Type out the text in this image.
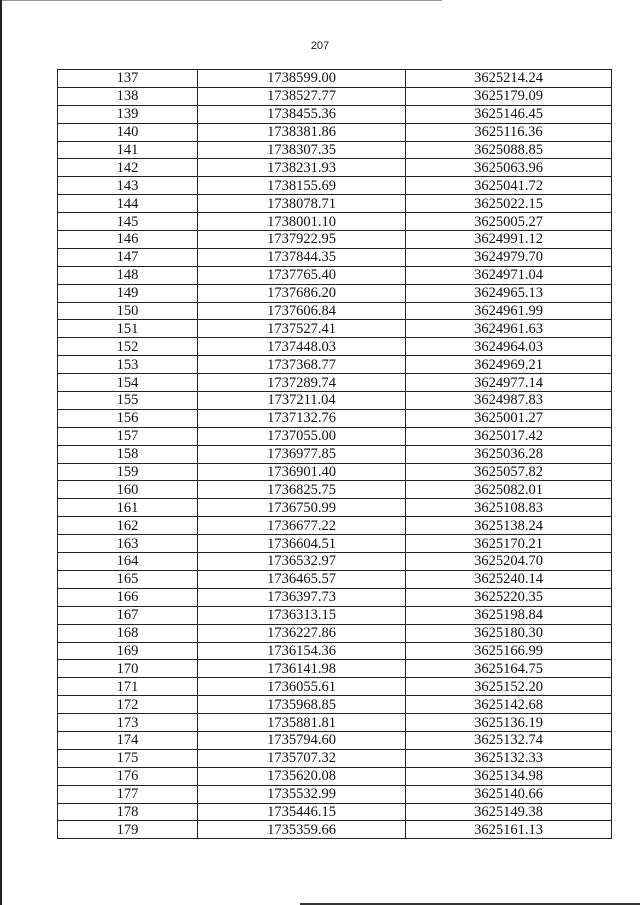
207
137	1738599.00	3625214.24
138	1738527.77	3625179.09
139	1738455.36	3625146.45
140	1738381.86	3625116.36
141	1738307.35	3625088.85
142	1738231.93	3625063.96
143	1738155.69	3625041.72
144	1738078.71	3625022.15
145	1738001.10	3625005.27
146	1737922.95	3624991.12
147	1737844.35	3624979.70
148	1737765.40	3624971.04
149	1737686.20	3624965.13
150	1737606.84	3624961.99
151	1737527.41	3624961.63
152	1737448.03	3624964.03
153	1737368.77	3624969.21
154	1737289.74	3624977.14
155	1737211.04	3624987.83
156	1737132.76	3625001.27
157	1737055.00	3625017.42
158	1736977.85	3625036.28
159	1736901.40	3625057.82
160	1736825.75	3625082.01
161	1736750.99	3625108.83
162	1736677.22	3625138.24
163	1736604.51	3625170.21
164	1736532.97	3625204.70
165	1736465.57	3625240.14
166	1736397.73	3625220.35
167	1736313.15	3625198.84
168	1736227.86	3625180.30
169	1736154.36	3625166.99
170	1736141.98	3625164.75
171	1736055.61	3625152.20
172	1735968.85	3625142.68
173	1735881.81	3625136.19
174	1735794.60	3625132.74
175	1735707.32	3625132.33
176	1735620.08	3625134.98
177	1735532.99	3625140.66
178	1735446.15	3625149.38
179	1735359.66	3625161.13
